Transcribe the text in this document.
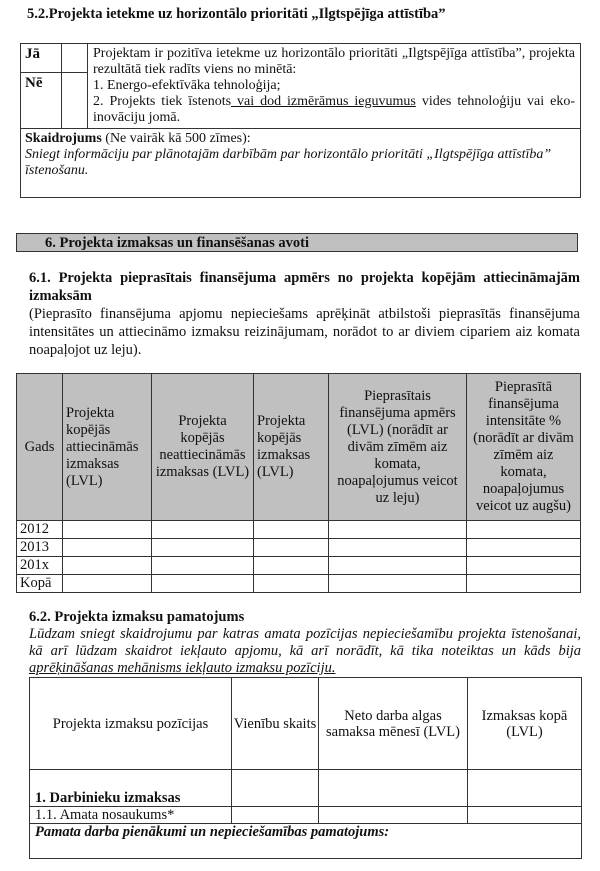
5.2.Projekta ietekme uz horizontālo prioritāti „Ilgtspējīga attīstība”
Jā		Projektam ir pozitīva ietekme uz horizontālo prioritāti „Ilgtspējīga attīstība”, projekta rezultātā tiek radīts viens no minētā:
1. Energo-efektīvāka tehnoloģija;
2. Projekts tiek īstenots vai dod izmērāmus ieguvumus vides tehnoloģiju vai eko-inovāciju jomā.
Nē		
Skaidrojums (Ne vairāk kā 500 zīmes):
Sniegt informāciju par plānotajām darbībām par horizontālo prioritāti „Ilgtspējīga attīstība” īstenošanu.		
6. Projekta izmaksas un finansēšanas avoti
6.1. Projekta pieprasītais finansējuma apmērs no projekta kopējām attiecināmajām izmaksām
(Pieprasīto finansējuma apjomu nepieciešams aprēķināt atbilstoši pieprasītās finansējuma intensitātes un attiecināmo izmaksu reizinājumam, norādot to ar diviem cipariem aiz komata noapaļojot uz leju).
Gads	Projekta kopējās attiecināmās izmaksas (LVL)	Projekta kopējās neattiecināmās izmaksas (LVL)	Projekta kopējās izmaksas (LVL)	Pieprasītais finansējuma apmērs (LVL) (norādīt ar divām zīmēm aiz komata, noapaļojumus veicot uz leju)	Pieprasītā finansējuma intensitāte % (norādīt ar divām zīmēm aiz komata, noapaļojumus veicot uz augšu)
2012					
2013					
201x					
Kopā					
6.2. Projekta izmaksu pamatojums
Lūdzam sniegt skaidrojumu par katras amata pozīcijas nepieciešamību projekta īstenošanai, kā arī lūdzam skaidrot iekļauto apjomu, kā arī norādīt, kā tika noteiktas un kāds bija aprēķināšanas mehānisms iekļauto izmaksu pozīciju.
Projekta izmaksu pozīcijas	Vienību skaits	Neto darba algas samaksa mēnesī (LVL)	Izmaksas kopā (LVL)
1. Darbinieku izmaksas			
1.1. Amata nosaukums*			
Pamata darba pienākumi un nepieciešamības pamatojums:			
